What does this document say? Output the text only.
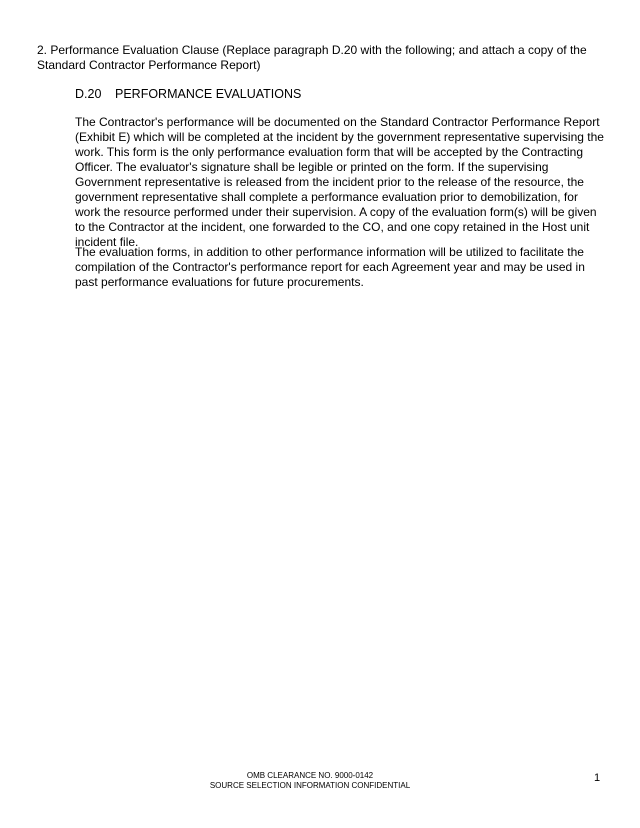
2. Performance Evaluation Clause (Replace paragraph D.20 with the following; and attach a copy of the Standard Contractor Performance Report)

D.20 PERFORMANCE EVALUATIONS

The Contractor's performance will be documented on the Standard Contractor Performance Report (Exhibit E) which will be completed at the incident by the government representative supervising the work. This form is the only performance evaluation form that will be accepted by the Contracting Officer. The evaluator's signature shall be legible or printed on the form. If the supervising Government representative is released from the incident prior to the release of the resource, the government representative shall complete a performance evaluation prior to demobilization, for work the resource performed under their supervision. A copy of the evaluation form(s) will be given to the Contractor at the incident, one forwarded to the CO, and one copy retained in the Host unit incident file.

The evaluation forms, in addition to other performance information will be utilized to facilitate the compilation of the Contractor's performance report for each Agreement year and may be used in past performance evaluations for future procurements.

OMB CLEARANCE NO. 9000-0142
SOURCE SELECTION INFORMATION CONFIDENTIAL
1
